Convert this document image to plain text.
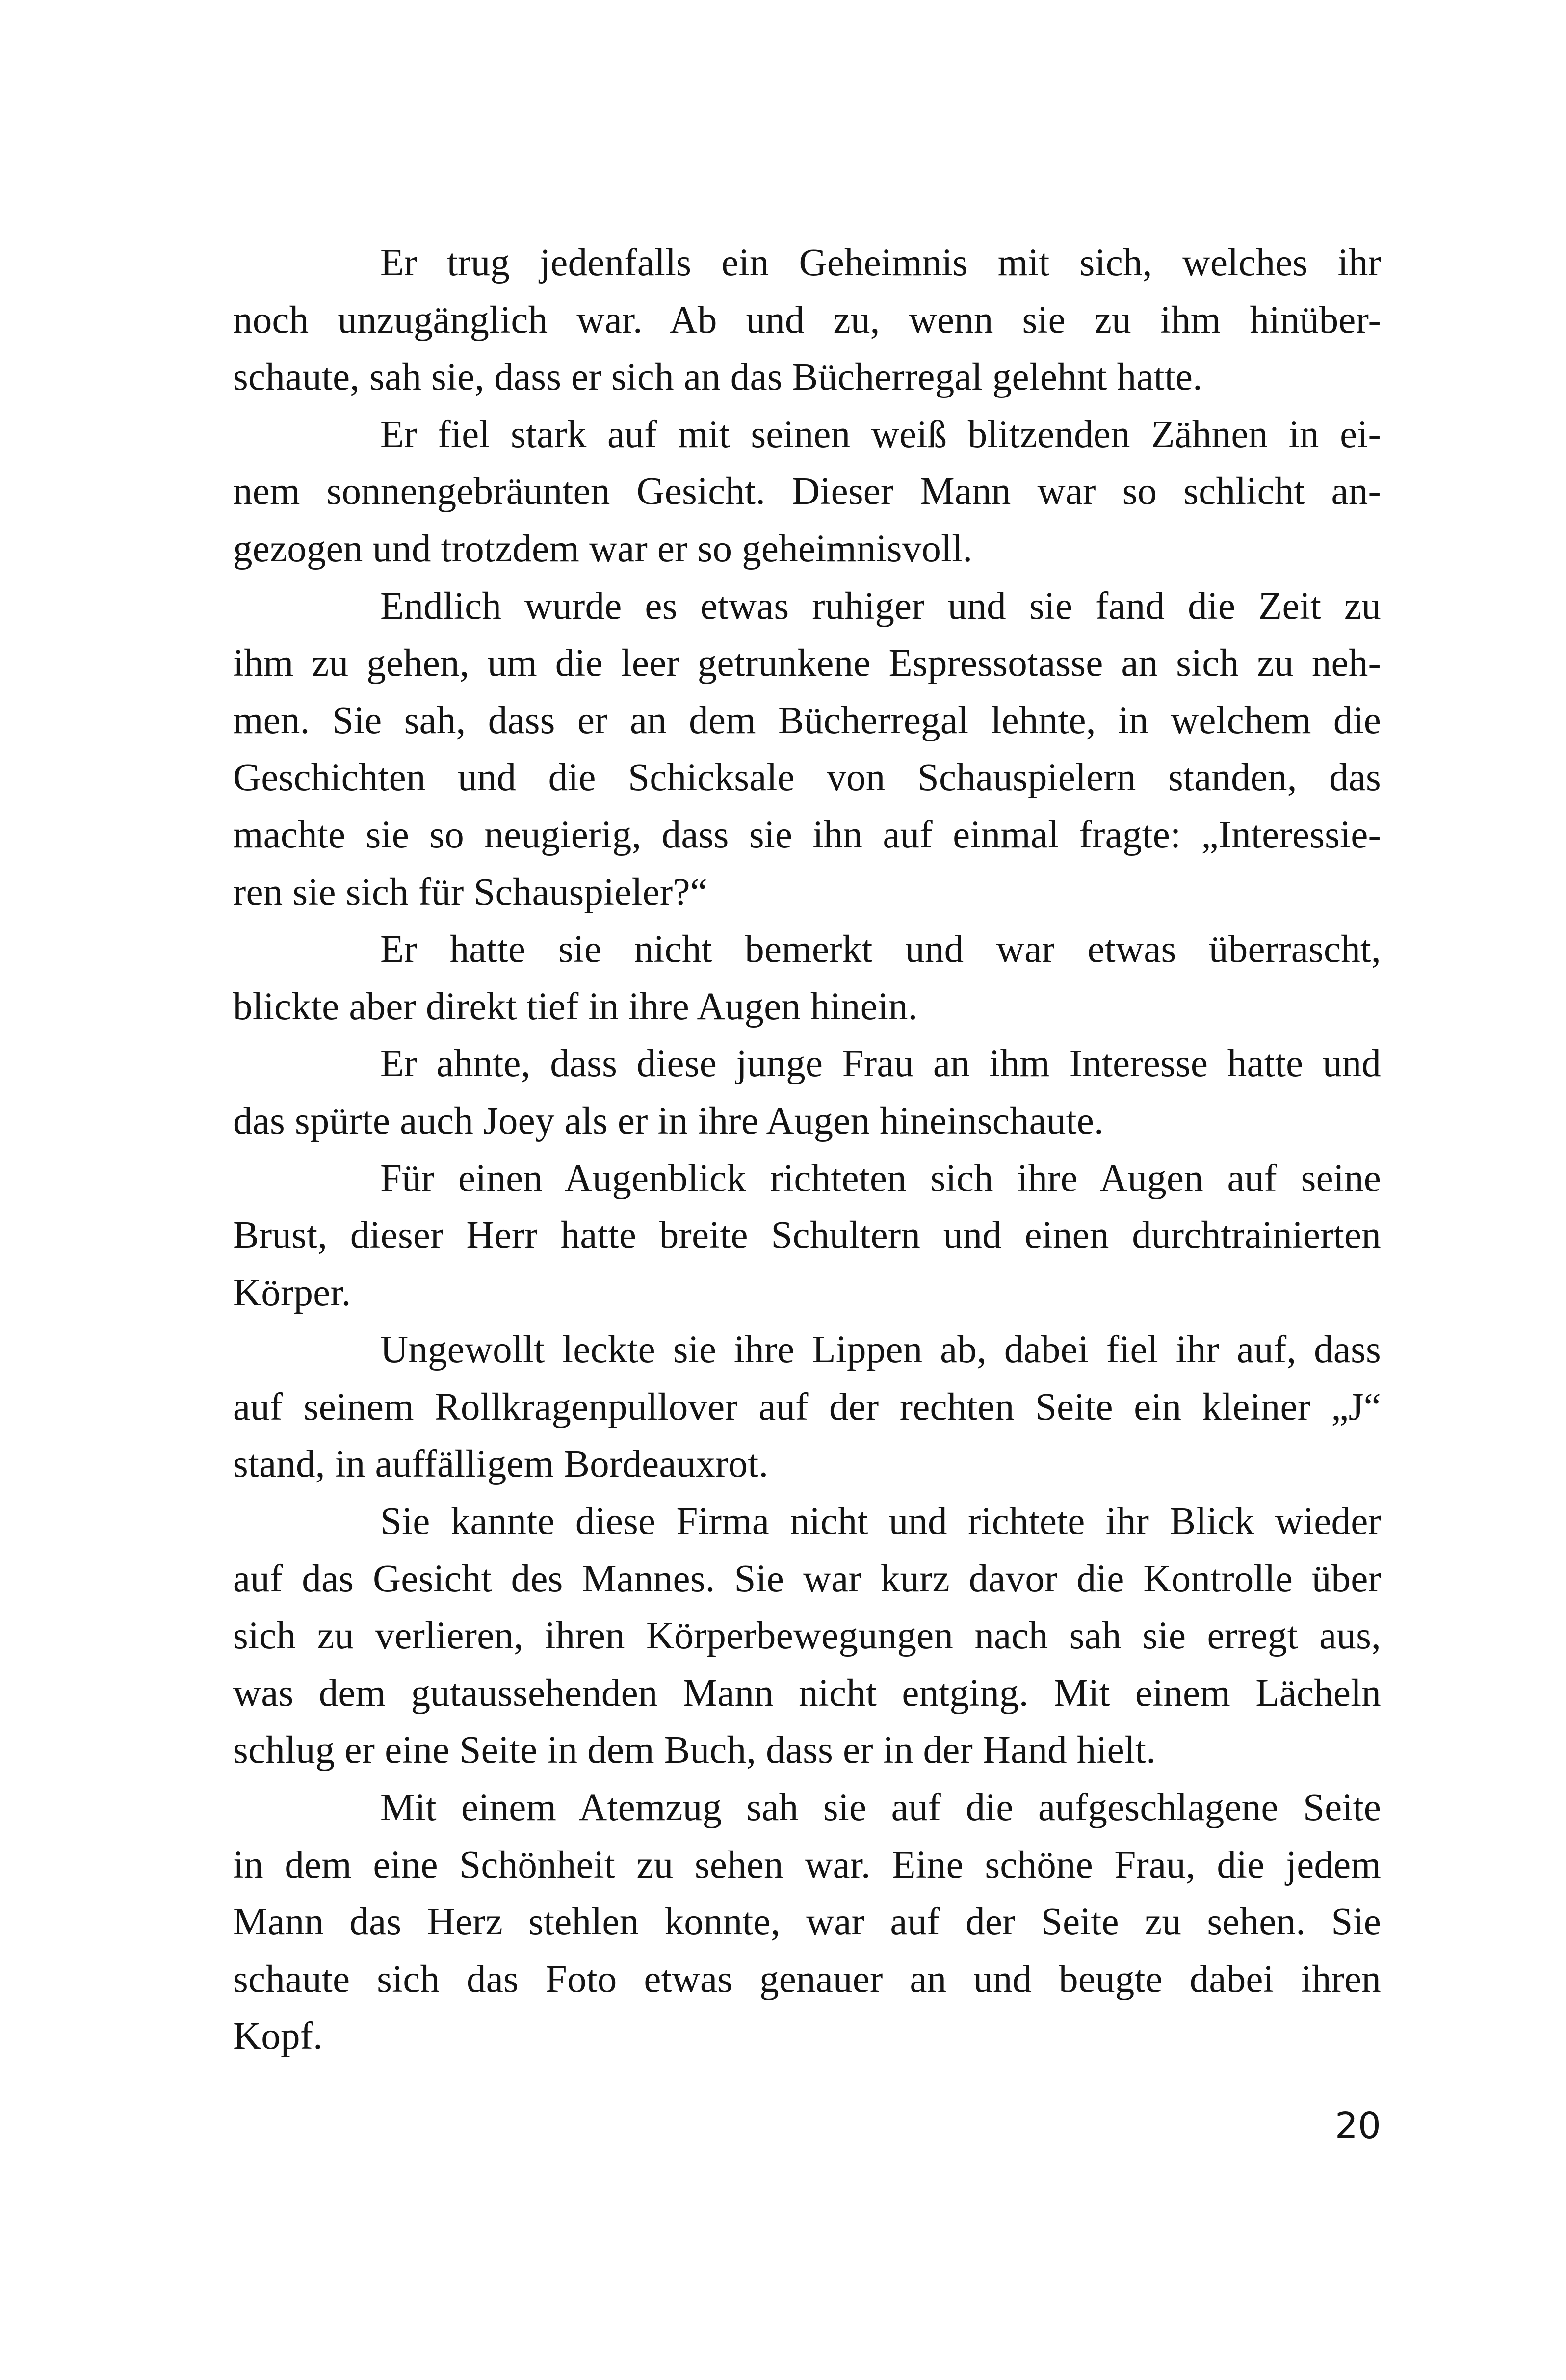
Er trug jedenfalls ein Geheimnis mit sich, welches ihr
noch unzugänglich war. Ab und zu, wenn sie zu ihm hinüber-
schaute, sah sie, dass er sich an das Bücherregal gelehnt hatte.
Er fiel stark auf mit seinen weiß blitzenden Zähnen in ei-
nem sonnengebräunten Gesicht. Dieser Mann war so schlicht an-
gezogen und trotzdem war er so geheimnisvoll.
Endlich wurde es etwas ruhiger und sie fand die Zeit zu
ihm zu gehen, um die leer getrunkene Espressotasse an sich zu neh-
men. Sie sah, dass er an dem Bücherregal lehnte, in welchem die
Geschichten und die Schicksale von Schauspielern standen, das
machte sie so neugierig, dass sie ihn auf einmal fragte: „Interessie-
ren sie sich für Schauspieler?“
Er hatte sie nicht bemerkt und war etwas überrascht,
blickte aber direkt tief in ihre Augen hinein.
Er ahnte, dass diese junge Frau an ihm Interesse hatte und
das spürte auch Joey als er in ihre Augen hineinschaute.
Für einen Augenblick richteten sich ihre Augen auf seine
Brust, dieser Herr hatte breite Schultern und einen durchtrainierten
Körper.
Ungewollt leckte sie ihre Lippen ab, dabei fiel ihr auf, dass
auf seinem Rollkragenpullover auf der rechten Seite ein kleiner „J“
stand, in auffälligem Bordeauxrot.
Sie kannte diese Firma nicht und richtete ihr Blick wieder
auf das Gesicht des Mannes. Sie war kurz davor die Kontrolle über
sich zu verlieren, ihren Körperbewegungen nach sah sie erregt aus,
was dem gutaussehenden Mann nicht entging. Mit einem Lächeln
schlug er eine Seite in dem Buch, dass er in der Hand hielt.
Mit einem Atemzug sah sie auf die aufgeschlagene Seite
in dem eine Schönheit zu sehen war. Eine schöne Frau, die jedem
Mann das Herz stehlen konnte, war auf der Seite zu sehen. Sie
schaute sich das Foto etwas genauer an und beugte dabei ihren
Kopf.
20
